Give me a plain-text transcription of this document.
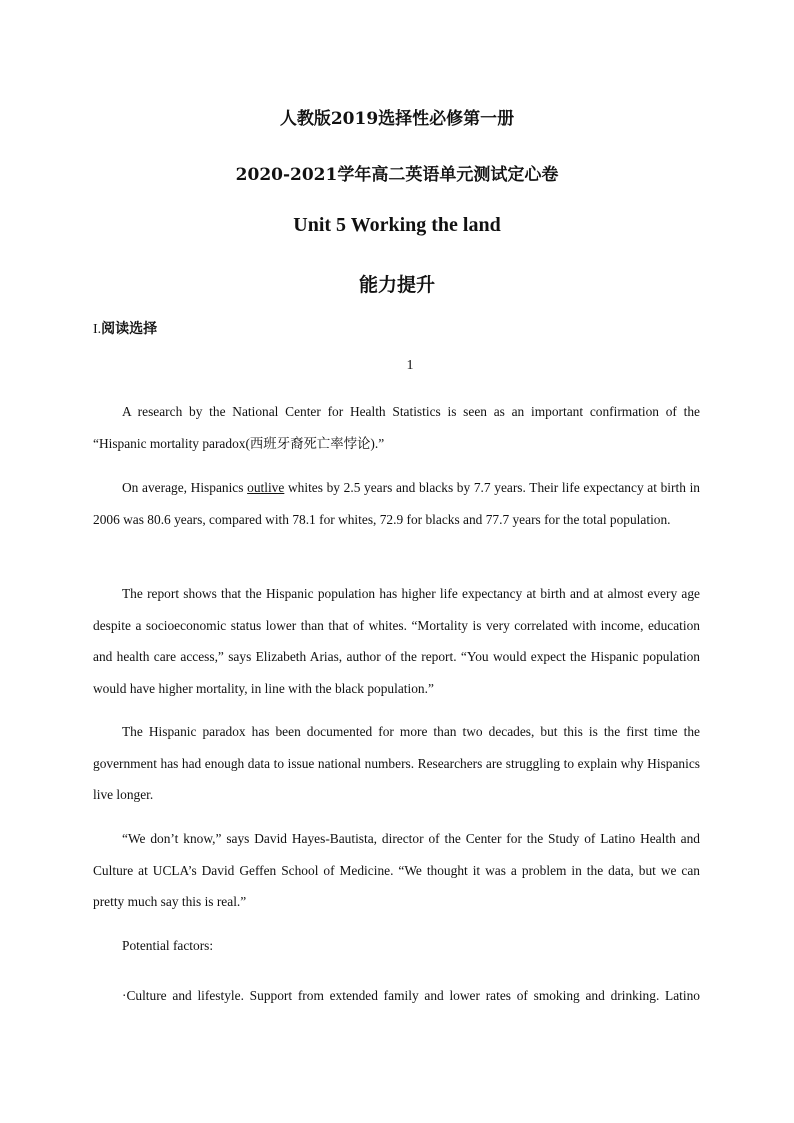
人教版2019选择性必修第一册
2020-2021学年高二英语单元测试定心卷
Unit 5 Working the land
能力提升
I.阅读选择
1

A research by the National Center for Health Statistics is seen as an important confirmation of the “Hispanic mortality paradox(西班牙裔死亡率悖论).”

On average, Hispanics outlive whites by 2.5 years and blacks by 7.7 years. Their life expectancy at birth in 2006 was 80.6 years, compared with 78.1 for whites, 72.9 for blacks and 77.7 years for the total population.

The report shows that the Hispanic population has higher life expectancy at birth and at almost every age despite a socioeconomic status lower than that of whites. “Mortality is very correlated with income, education and health care access,” says Elizabeth Arias, author of the report. “You would expect the Hispanic population would have higher mortality, in line with the black population.”

The Hispanic paradox has been documented for more than two decades, but this is the first time the government has had enough data to issue national numbers. Researchers are struggling to explain why Hispanics live longer.

“We don’t know,” says David Hayes-Bautista, director of the Center for the Study of Latino Health and Culture at UCLA’s David Geffen School of Medicine. “We thought it was a problem in the data, but we can pretty much say this is real.”

Potential factors:

·Culture and lifestyle. Support from extended family and lower rates of smoking and drinking. Latino
